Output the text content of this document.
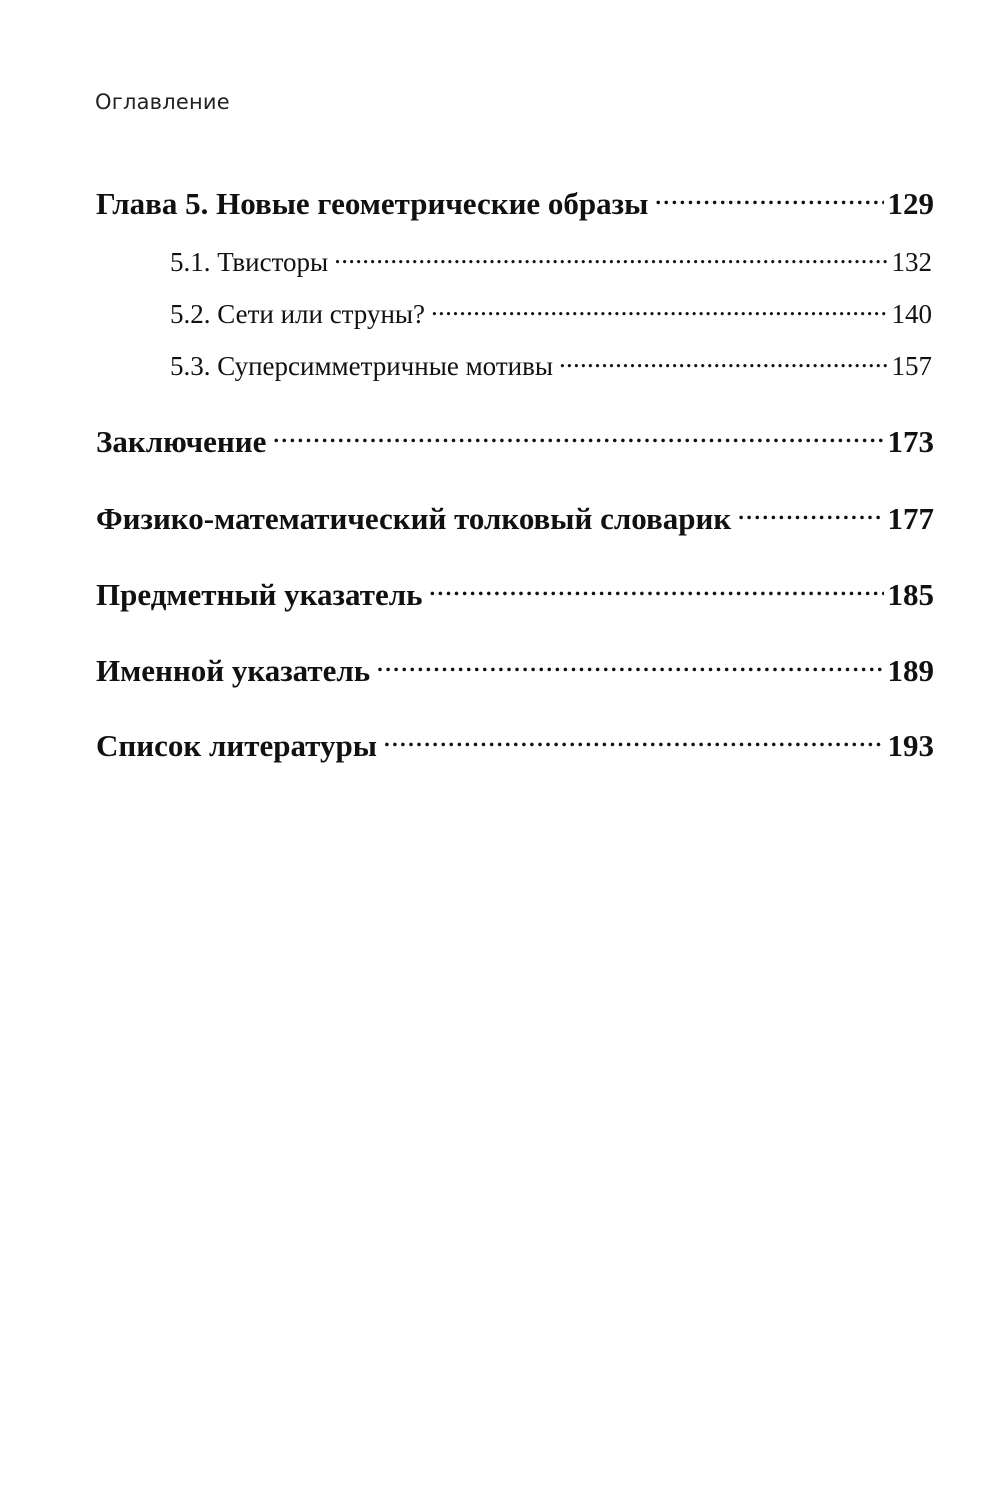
Оглавление
Глава 5. Новые геометрические образы . . .	129
5.1. Твисторы . . .	132
5.2. Сети или струны? . . .	140
5.3. Суперсимметричные мотивы . . .	157
Заключение . . .	173
Физико-математический толковый словарик . . .	177
Предметный указатель . . .	185
Именной указатель . . .	189
Список литературы . . .	193
